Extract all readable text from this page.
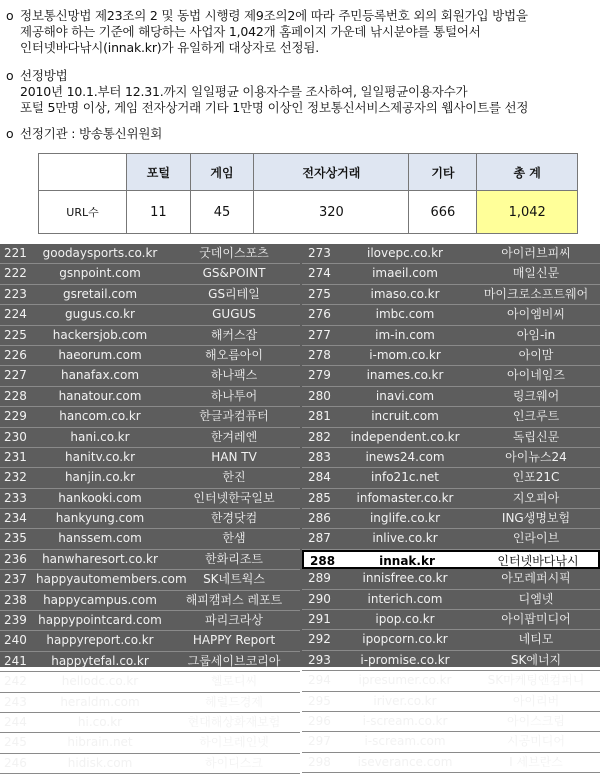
o 정보통신망법 제23조의 2 및 동법 시행령 제9조의2에 따라 주민등록번호 외의 회원가입 방법을
제공해야 하는 기준에 해당하는 사업자 1,042개 홈페이지 가운데 낚시분야를 통털어서
인터넷바다낚시(innak.kr)가 유일하게 대상자로 선정됨.
o 선정방법
2010년 10.1.부터 12.31.까지 일일평균 이용자수를 조사하여, 일일평균이용자수가
포털 5만명 이상, 게임 전자상거래 기타 1만명 이상인 정보통신서비스제공자의 웹사이트를 선정
o 선정기관 : 방송통신위원회
	포털	게임	전자상거래	기타	총 계
URL수	11	45	320	666	1,042
221	goodaysports.co.kr	굿데이스포츠
222	gsnpoint.com	GS&POINT
223	gsretail.com	GS리테일
224	gugus.co.kr	GUGUS
225	hackersjob.com	해커스잡
226	haeorum.com	해오름아이
227	hanafax.com	하나팩스
228	hanatour.com	하나투어
229	hancom.co.kr	한글과컴퓨터
230	hani.co.kr	한겨레엔
231	hanitv.co.kr	HAN TV
232	hanjin.co.kr	한진
233	hankooki.com	인터넷한국일보
234	hankyung.com	한경닷컴
235	hanssem.com	한샘
236	hanwharesort.co.kr	한화리조트
237 happyautomembers.com	SK네트웍스
238	happycampus.com	해피캠퍼스 레포트
239 happypointcard.com	파리크라상
240	happyreport.co.kr	HAPPY Report
241	happytefal.co.kr	그룹세이브코리아
242	hellodc.co.kr	헬로디씨
243	heraldm.com	헤럴드경제
244	hi.co.kr	현대해상화재보험
245	hibrain.net	하이브레인넷
246	hidisk.com	하이디스크
273	ilovepc.co.kr	아이러브피씨
274	imaeil.com	매일신문
275	imaso.co.kr	마이크로소프트웨어
276	imbc.com	아이엠비씨
277	im-in.com	아임-in
278	i-mom.co.kr	아이맘
279	inames.co.kr	아이네임즈
280	inavi.com	링크웨어
281	incruit.com	인크루트
282	independent.co.kr	독립신문
283	inews24.com	아이뉴스24
284	info21c.net	인포21C
285	infomaster.co.kr	지오피아
286	inglife.co.kr	ING생명보험
287	inlive.co.kr	인라이브
288	innak.kr	인터넷바다낚시
289	innisfree.co.kr	아모레퍼시픽
290	interich.com	디엠넷
291	ipop.co.kr	아이팝미디어
292	ipopcorn.co.kr	네티모
293	i-promise.co.kr	SK에너지
294	ipresumer.co.kr	SK마케팅앤컴퍼니
295	iriver.co.kr	아이리버
296	i-scream.co.kr	아이스크림
297	i-scream.com	시공미디어
298	iseverance.com	I 세브란스
